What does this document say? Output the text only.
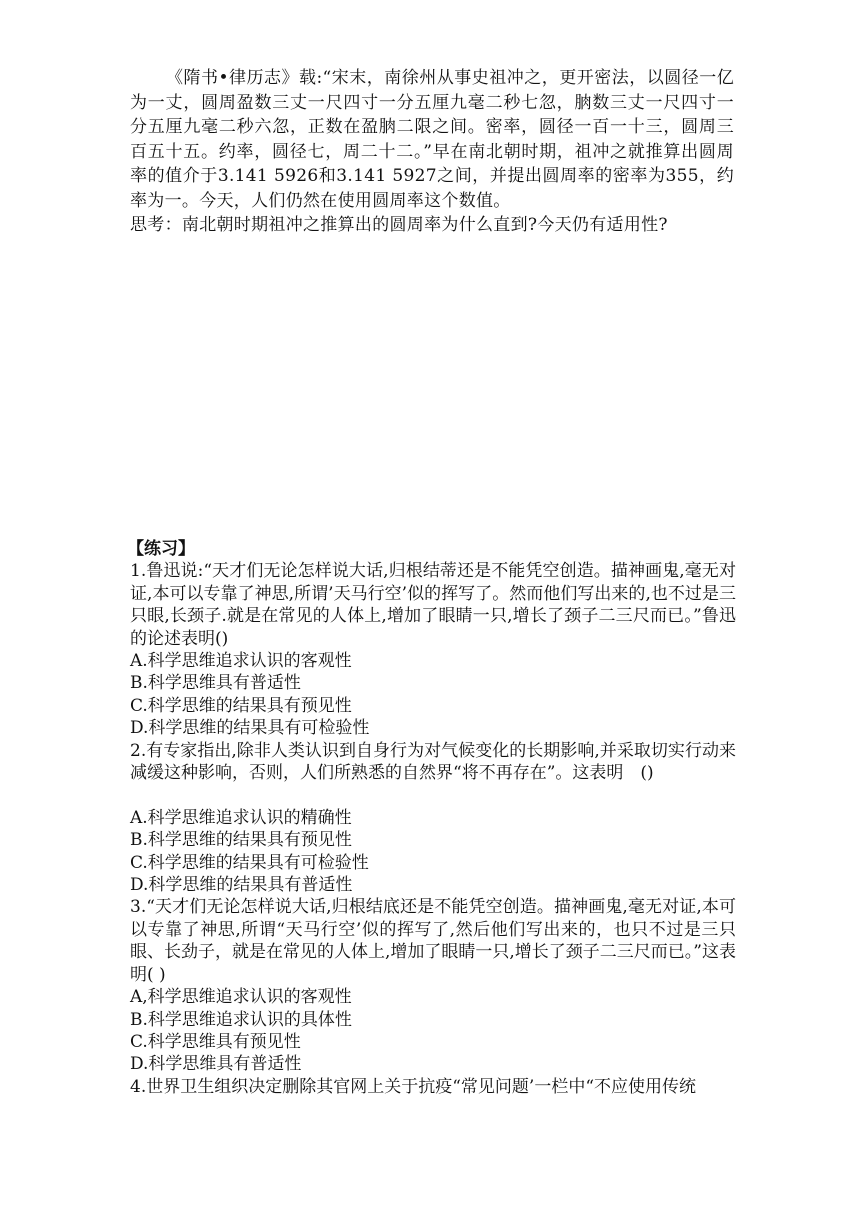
《隋书•律历志》载:“宋末，南徐州从事史祖冲之，更开密法，以圆径一亿为一丈，圆周盈数三丈一尺四寸一分五厘九毫二秒七忽，朒数三丈一尺四寸一分五厘九毫二秒六忽，正数在盈朒二限之间。密率，圆径一百一十三，圆周三百五十五。约率，圆径七，周二十二。”早在南北朝时期，祖冲之就推算出圆周率的值介于3.141 5926和3.141 5927之间，并提出圆周率的密率为355，约率为一。今天，人们仍然在使用圆周率这个数值。

思考：南北朝时期祖冲之推算出的圆周率为什么直到?今天仍有适用性?

【练习】

1.鲁迅说:“天才们无论怎样说大话,归根结蒂还是不能凭空创造。描神画鬼,毫无对证,本可以专靠了神思,所谓’天马行空’似的挥写了。然而他们写出来的,也不过是三只眼,长颈子.就是在常见的人体上,增加了眼睛一只,增长了颈子二三尺而已。”鲁迅的论述表明()

A.科学思维追求认识的客观性

B.科学思维具有普适性

C.科学思维的结果具有预见性

D.科学思维的结果具有可检验性

2.有专家指出,除非人类认识到自身行为对气候变化的长期影响,并采取切实行动来减缓这种影响，否则，人们所熟悉的自然界“将不再存在”。这表明　()

A.科学思维追求认识的精确性

B.科学思维的结果具有预见性

C.科学思维的结果具有可检验性

D.科学思维的结果具有普适性

3.“天才们无论怎样说大话,归根结底还是不能凭空创造。描神画鬼,毫无对证,本可以专靠了神思,所谓“天马行空’似的挥写了,然后他们写出来的，也只不过是三只眼、长劲子，就是在常见的人体上,增加了眼睛一只,增长了颈子二三尺而已。”这表明( )

A,科学思维追求认识的客观性

B.科学思维追求认识的具体性

C.科学思维具有预见性

D.科学思维具有普适性

4.世界卫生组织决定删除其官网上关于抗疫“常见问题’一栏中“不应使用传统
